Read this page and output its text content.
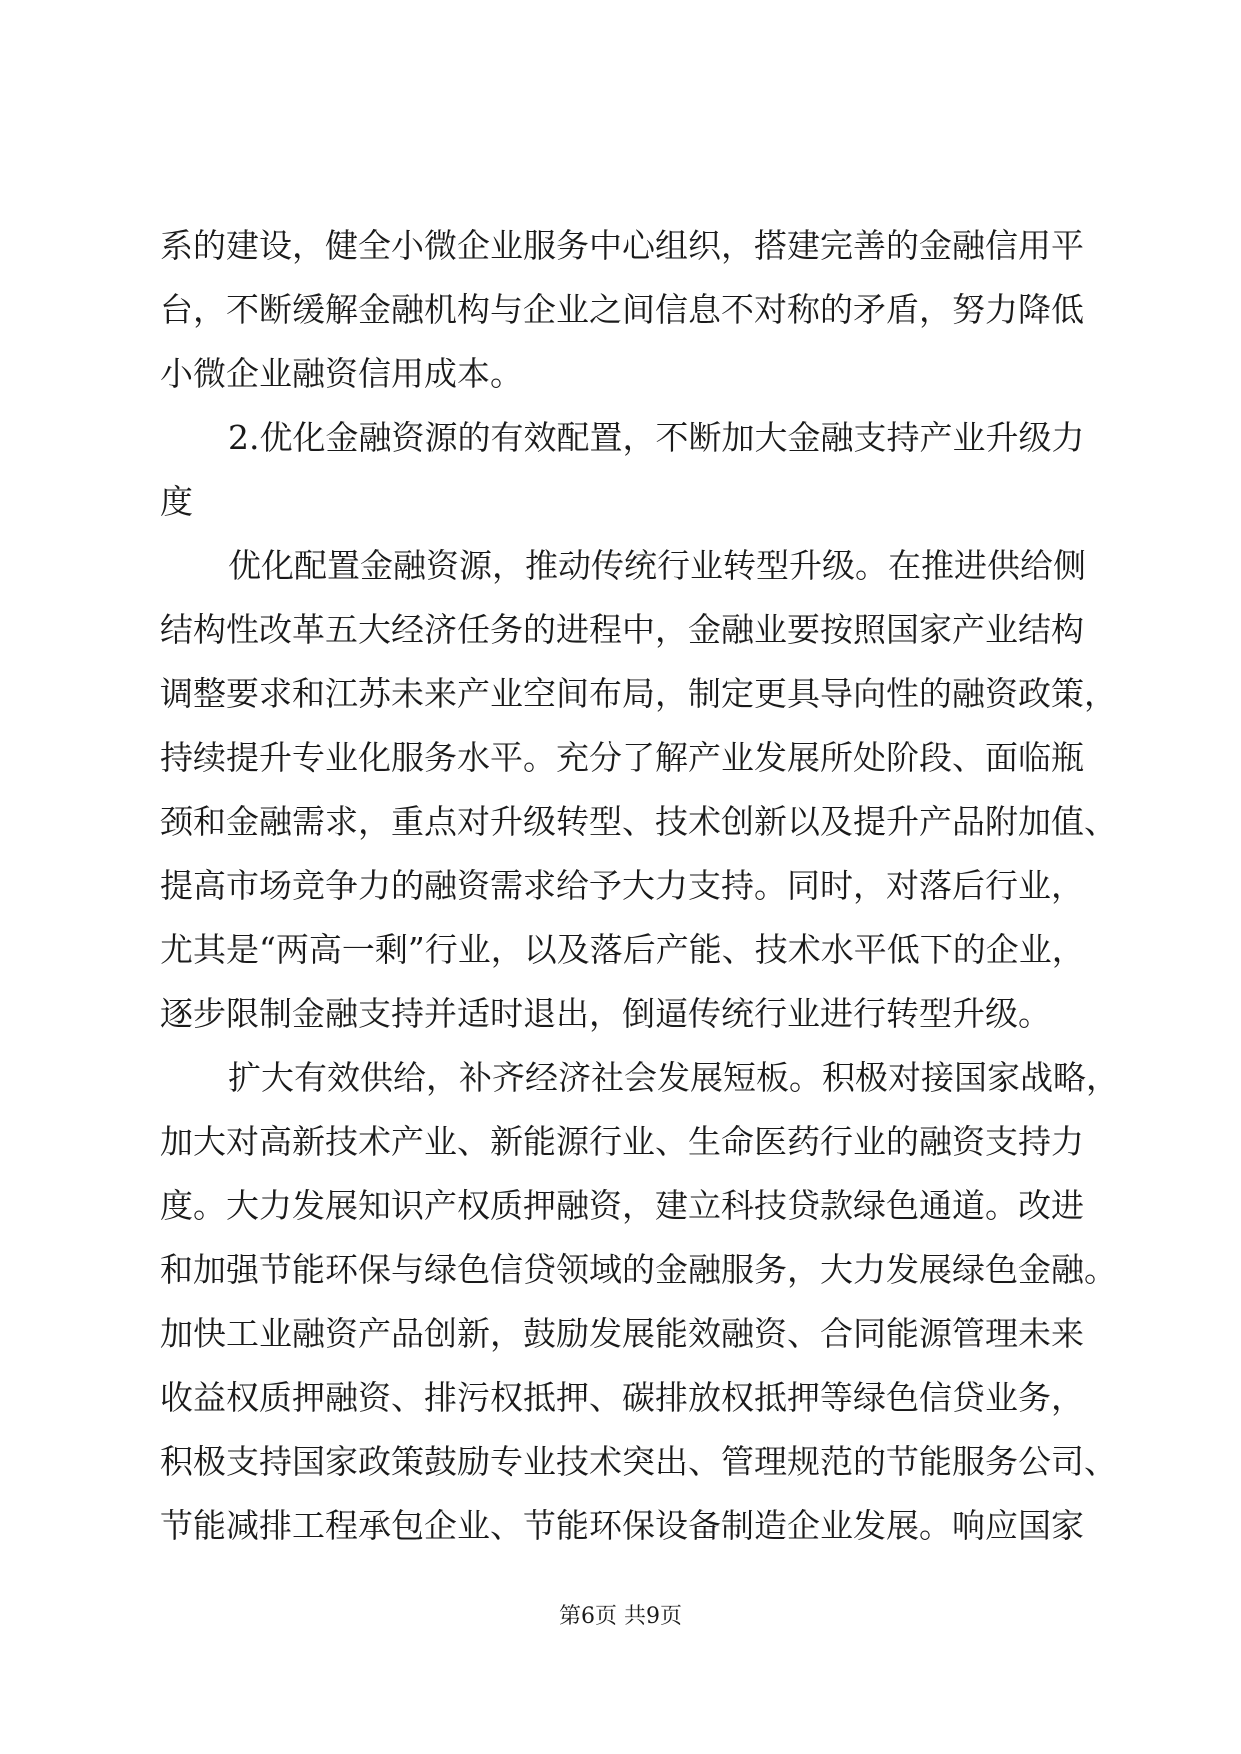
系的建设，健全小微企业服务中心组织，搭建完善的金融信用平
台，不断缓解金融机构与企业之间信息不对称的矛盾，努力降低
小微企业融资信用成本。
2.优化金融资源的有效配置，不断加大金融支持产业升级力
度
优化配置金融资源，推动传统行业转型升级。在推进供给侧
结构性改革五大经济任务的进程中，金融业要按照国家产业结构
调整要求和江苏未来产业空间布局，制定更具导向性的融资政策，
持续提升专业化服务水平。充分了解产业发展所处阶段、面临瓶
颈和金融需求，重点对升级转型、技术创新以及提升产品附加值、
提高市场竞争力的融资需求给予大力支持。同时，对落后行业，
尤其是“两高一剩”行业，以及落后产能、技术水平低下的企业，
逐步限制金融支持并适时退出，倒逼传统行业进行转型升级。
扩大有效供给，补齐经济社会发展短板。积极对接国家战略，
加大对高新技术产业、新能源行业、生命医药行业的融资支持力
度。大力发展知识产权质押融资，建立科技贷款绿色通道。改进
和加强节能环保与绿色信贷领域的金融服务，大力发展绿色金融。
加快工业融资产品创新，鼓励发展能效融资、合同能源管理未来
收益权质押融资、排污权抵押、碳排放权抵押等绿色信贷业务，
积极支持国家政策鼓励专业技术突出、管理规范的节能服务公司、
节能减排工程承包企业、节能环保设备制造企业发展。响应国家
第6页 共9页
